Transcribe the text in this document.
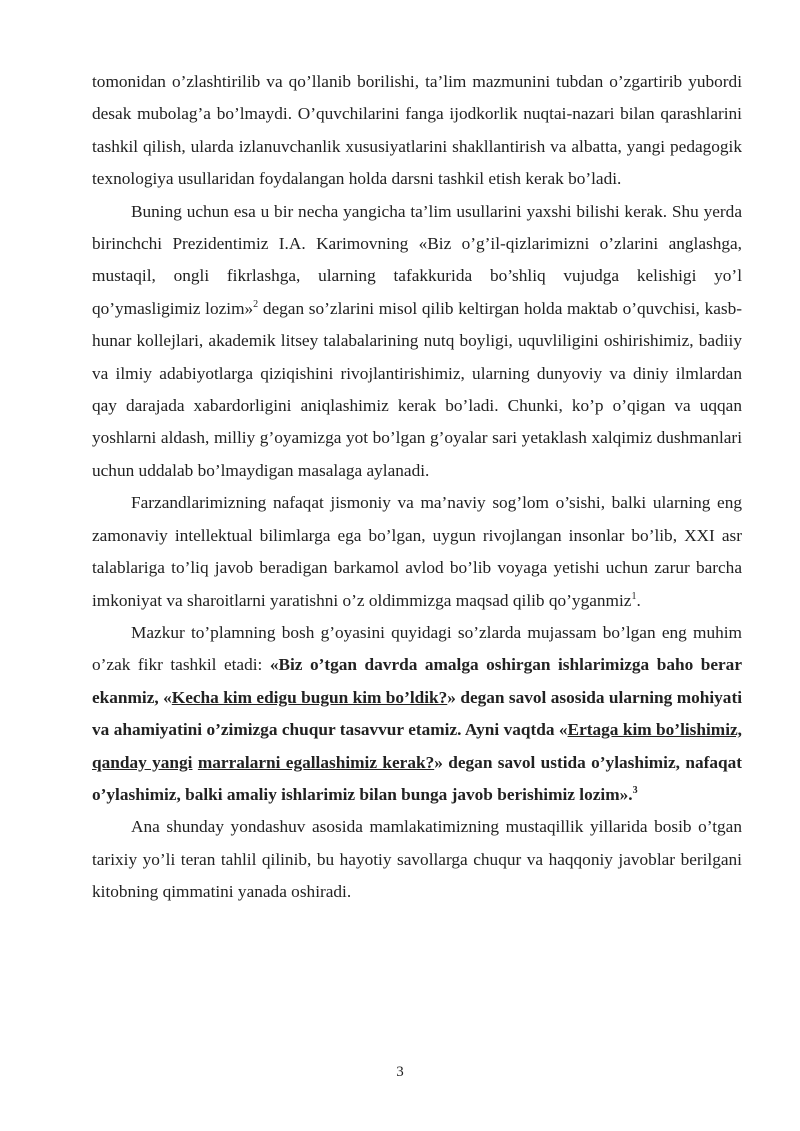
tomonidan o’zlashtirilib va qo’llanib borilishi, ta’lim mazmunini tubdan o’zgartirib yubordi desak mubolag’a bo’lmaydi. O’quvchilarini fanga ijodkorlik nuqtai-nazari bilan qarashlarini tashkil qilish, ularda izlanuvchanlik xususiyatlarini shakllantirish va albatta, yangi pedagogik texnologiya usullaridan foydalangan holda darsni tashkil etish kerak bo’ladi.

Buning uchun esa u bir necha yangicha ta’lim usullarini yaxshi bilishi kerak. Shu yerda birinchchi Prezidentimiz I.A. Karimovning «Biz o’g’il-qizlarimizni o’zlarini anglashga, mustaqil, ongli fikrlashga, ularning tafakkurida bo’shliq vujudga kelishigi yo’l qo’ymasligimiz lozim»$^2$ degan so’zlarini misol qilib keltirgan holda maktab o’quvchisi, kasb-hunar kollejlari, akademik litsey talabalarining nutq boyligi, uquvliligini oshirishimiz, badiiy va ilmiy adabiyotlarga qiziqishini rivojlantirishimiz, ularning dunyoviy va diniy ilmlardan qay darajada xabardorligini aniqlashimiz kerak bo’ladi. Chunki, ko’p o’qigan va uqqan yoshlarni aldash, milliy g’oyamizga yot bo’lgan g’oyalar sari yetaklash xalqimiz dushmanlari uchun uddalab bo’lmaydigan masalaga aylanadi.

Farzandlarimizning nafaqat jismoniy va ma’naviy sog’lom o’sishi, balki ularning eng zamonaviy intellektual bilimlarga ega bo’lgan, uygun rivojlangan insonlar bo’lib, XXI asr talablariga to’liq javob beradigan barkamol avlod bo’lib voyaga yetishi uchun zarur barcha imkoniyat va sharoitlarni yaratishni o’z oldimmizga maqsad qilib qo’yganmiz$^1$.

Mazkur to’plamning bosh g’oyasini quyidagi so’zlarda mujassam bo’lgan eng muhim o’zak fikr tashkil etadi: «Biz o’tgan davrda amalga oshirgan ishlarimizga baho berar ekanmiz, «Kecha kim edigu bugun kim bo’ldik?» degan savol asosida ularning mohiyati va ahamiyatini o’zimizga chuqur tasavvur etamiz. Ayni vaqtda «Ertaga kim bo’lishimiz, qanday yangi marralarni egallashimiz kerak?» degan savol ustida o’ylashimiz, nafaqat o’ylashimiz, balki amaliy ishlarimiz bilan bunga javob berishimiz lozim».$^3$

Ana shunday yondashuv asosida mamlakatimizning mustaqillik yillarida bosib o’tgan tarixiy yo’li teran tahlil qilinib, bu hayotiy savollarga chuqur va haqqoniy javoblar berilgani kitobning qimmatini yanada oshiradi.

3
